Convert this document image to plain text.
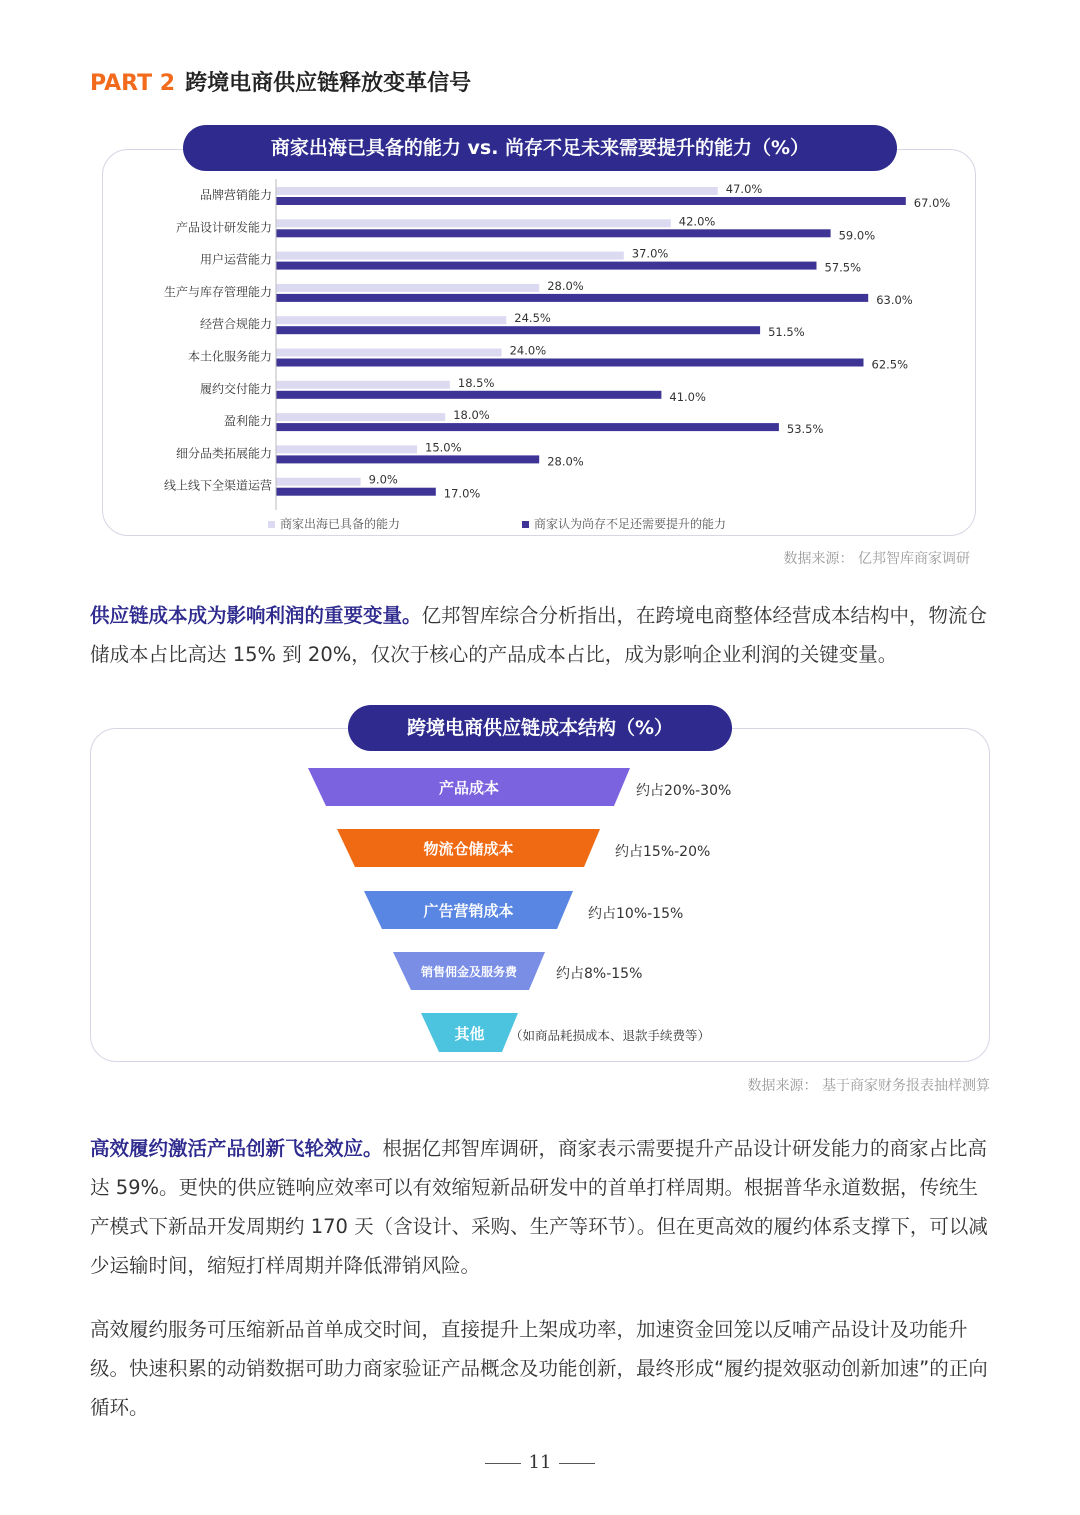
PART 2 跨境电商供应链释放变革信号
商家出海已具备的能力 vs. 尚存不足未来需要提升的能力（%）
品牌营销能力	47.0%
67.0%
产品设计研发能力	42.0%
59.0%
用户运营能力	37.0%
57.5%
生产与库存管理能力	28.0%
63.0%
经营合规能力	24.5%
51.5%
本土化服务能力	24.0%
62.5%
履约交付能力	18.5%
41.0%
盈利能力	18.0%
53.5%
细分品类拓展能力	15.0%
28.0%
线上线下全渠道运营	9.0%
17.0%
商家出海已具备的能力	商家认为尚存不足还需要提升的能力
数据来源： 亿邦智库商家调研
供应链成本成为影响利润的重要变量。亿邦智库综合分析指出，在跨境电商整体经营成本结构中，物流仓储成本占比高达 15% 到 20%，仅次于核心的产品成本占比，成为影响企业利润的关键变量。
跨境电商供应链成本结构（%）
产品成本	约占20%-30%
物流仓储成本	约占15%-20%
广告营销成本	约占10%-15%
销售佣金及服务费	约占8%-15%
其他	（如商品耗损成本、退款手续费等）
数据来源： 基于商家财务报表抽样测算
高效履约激活产品创新飞轮效应。根据亿邦智库调研，商家表示需要提升产品设计研发能力的商家占比高达 59%。更快的供应链响应效率可以有效缩短新品研发中的首单打样周期。根据普华永道数据，传统生产模式下新品开发周期约 170 天（含设计、采购、生产等环节）。但在更高效的履约体系支撑下，可以减少运输时间，缩短打样周期并降低滞销风险。
高效履约服务可压缩新品首单成交时间，直接提升上架成功率，加速资金回笼以反哺产品设计及功能升级。快速积累的动销数据可助力商家验证产品概念及功能创新，最终形成“履约提效驱动创新加速”的正向循环。
11
